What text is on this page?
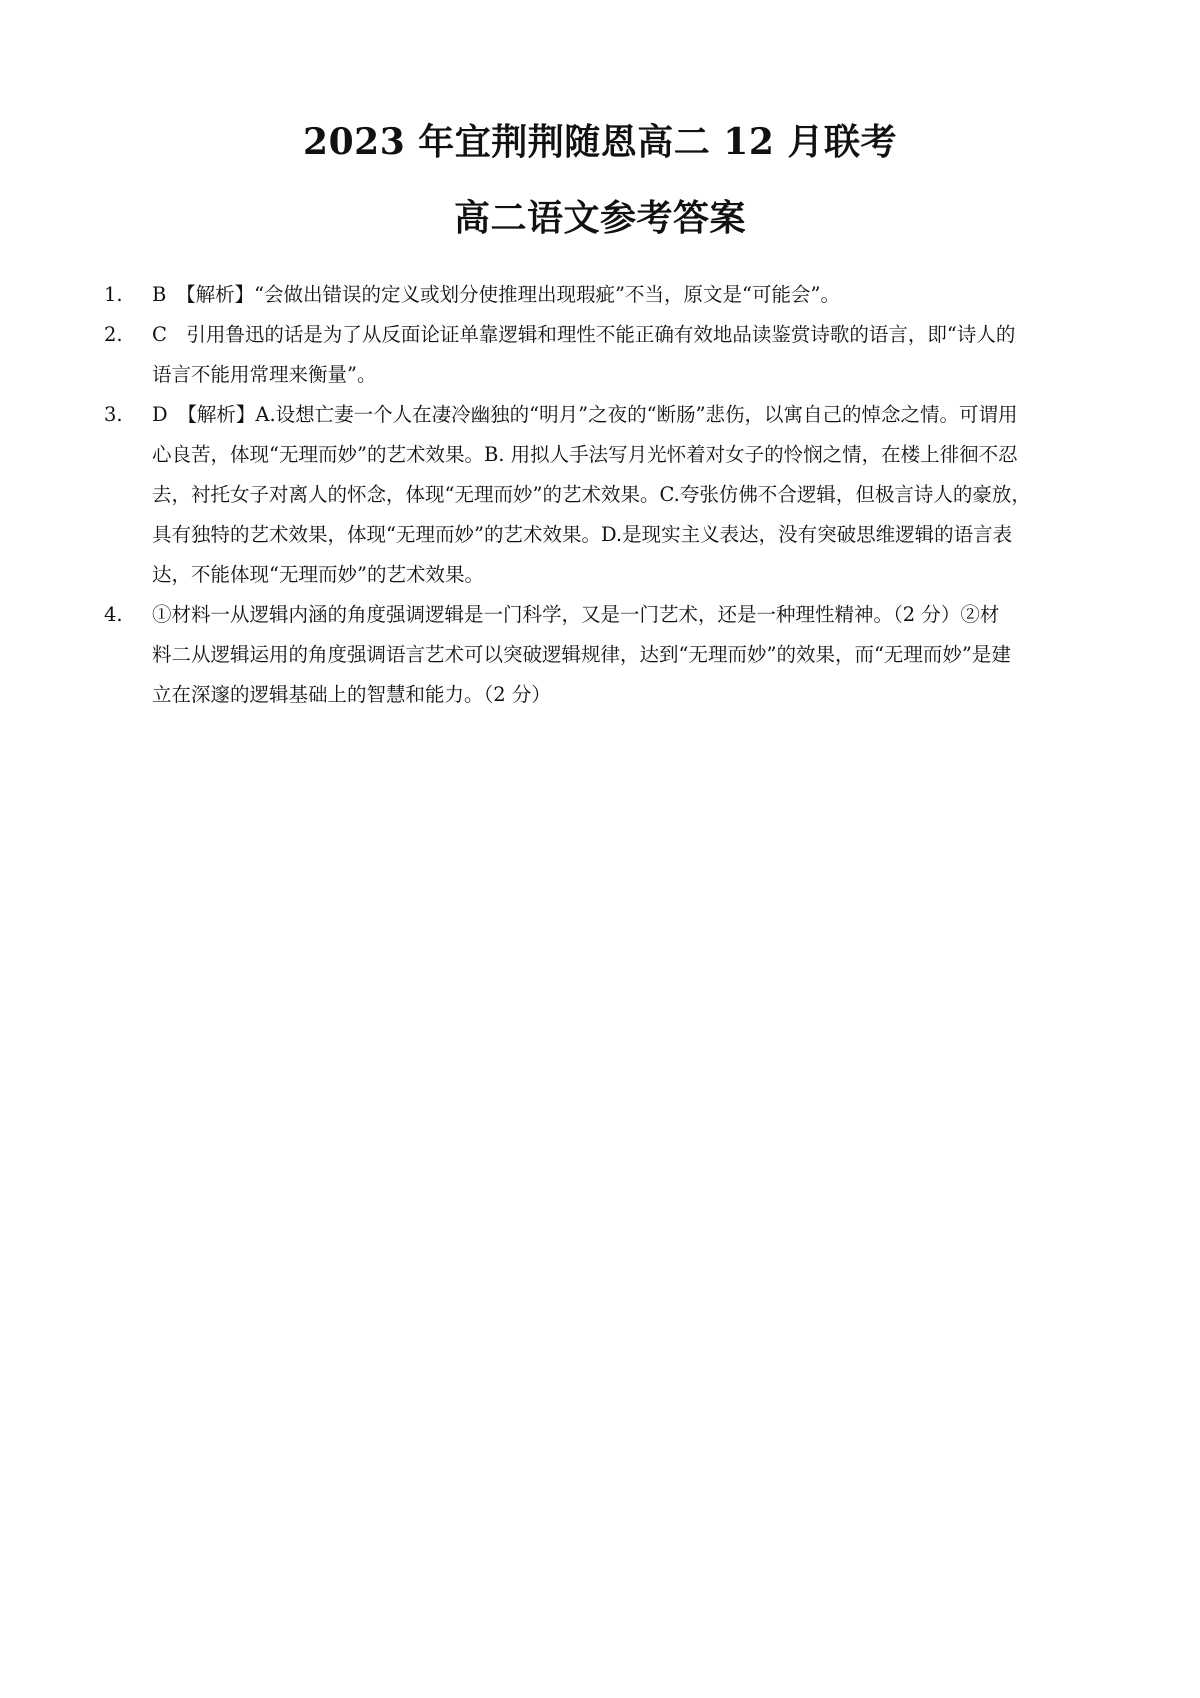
2023 年宜荆荆随恩高二 12 月联考
高二语文参考答案
1.	B　【解析】“会做出错误的定义或划分使推理出现瑕疵”不当，原文是“可能会”。
2.	C　引用鲁迅的话是为了从反面论证单靠逻辑和理性不能正确有效地品读鉴赏诗歌的语言，即“诗人的
语言不能用常理来衡量”。
3.	D　【解析】A.设想亡妻一个人在凄冷幽独的“明月”之夜的“断肠”悲伤，以寓自己的悼念之情。可谓用
心良苦，体现“无理而妙”的艺术效果。B. 用拟人手法写月光怀着对女子的怜悯之情，在楼上徘徊不忍
去，衬托女子对离人的怀念，体现“无理而妙”的艺术效果。C.夸张仿佛不合逻辑，但极言诗人的豪放，
具有独特的艺术效果，体现“无理而妙”的艺术效果。D.是现实主义表达，没有突破思维逻辑的语言表
达，不能体现“无理而妙”的艺术效果。
4.	①材料一从逻辑内涵的角度强调逻辑是一门科学，又是一门艺术，还是一种理性精神。（2 分）②材
料二从逻辑运用的角度强调语言艺术可以突破逻辑规律，达到“无理而妙”的效果，而“无理而妙”是建
立在深邃的逻辑基础上的智慧和能力。（2 分）
